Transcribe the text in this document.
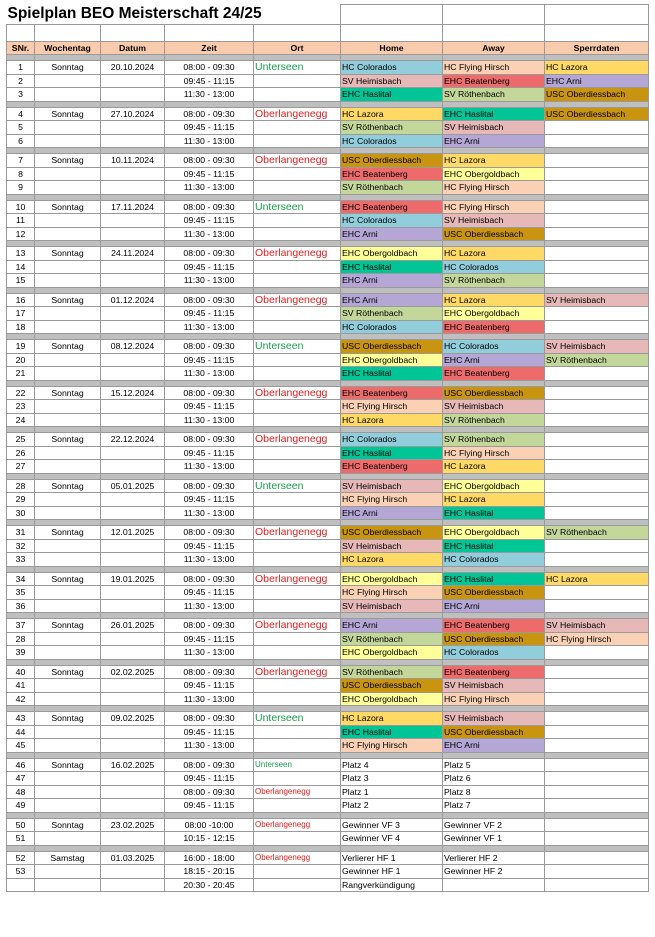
Spielplan BEO Meisterschaft 24/25							

SNr.	Wochentag	Datum	Zeit	Ort	Home	Away	Sperrdaten

1	Sonntag	20.10.2024	08:00 - 09:30	Unterseen	HC Colorados	HC Flying Hirsch	HC Lazora
2			09:45 - 11:15		SV Heimisbach	EHC Beatenberg	EHC Arni
3			11:30 - 13:00		EHC Haslital	SV Röthenbach	USC Oberdiessbach

4	Sonntag	27.10.2024	08:00 - 09:30	Oberlangenegg	HC Lazora	EHC Haslital	USC Oberdiessbach
5			09:45 - 11:15		SV Röthenbach	SV Heimisbach	
6			11:30 - 13:00		HC Colorados	EHC Arni	

7	Sonntag	10.11.2024	08:00 - 09:30	Oberlangenegg	USC Oberdiessbach	HC Lazora	
8			09:45 - 11:15		EHC Beatenberg	EHC Obergoldbach	
9			11:30 - 13:00		SV Röthenbach	HC Flying Hirsch	

10	Sonntag	17.11.2024	08:00 - 09:30	Unterseen	EHC Beatenberg	HC Flying Hirsch	
11			09:45 - 11:15		HC Colorados	SV Heimisbach	
12			11:30 - 13:00		EHC Arni	USC Oberdiessbach	

13	Sonntag	24.11.2024	08:00 - 09:30	Oberlangenegg	EHC Obergoldbach	HC Lazora	
14			09:45 - 11:15		EHC Haslital	HC Colorados	
15			11:30 - 13:00		EHC Arni	SV Röthenbach	

16	Sonntag	01.12.2024	08:00 - 09:30	Oberlangenegg	EHC Arni	HC Lazora	SV Heimisbach
17			09:45 - 11:15		SV Röthenbach	EHC Obergoldbach	
18			11:30 - 13:00		HC Colorados	EHC Beatenberg	

19	Sonntag	08.12.2024	08:00 - 09:30	Unterseen	USC Oberdiessbach	HC Colorados	SV Heimisbach
20			09:45 - 11:15		EHC Obergoldbach	EHC Arni	SV Röthenbach
21			11:30 - 13:00		EHC Haslital	EHC Beatenberg	

22	Sonntag	15.12.2024	08:00 - 09:30	Oberlangenegg	EHC Beatenberg	USC Oberdiessbach	
23			09:45 - 11:15		HC Flying Hirsch	SV Heimisbach	
24			11:30 - 13:00		HC Lazora	SV Röthenbach	

25	Sonntag	22.12.2024	08:00 - 09:30	Oberlangenegg	HC Colorados	SV Röthenbach	
26			09:45 - 11:15		EHC Haslital	HC Flying Hirsch	
27			11:30 - 13:00		EHC Beatenberg	HC Lazora	

28	Sonntag	05.01.2025	08:00 - 09:30	Unterseen	SV Heimisbach	EHC Obergoldbach	
29			09:45 - 11:15		HC Flying Hirsch	HC Lazora	
30			11:30 - 13:00		EHC Arni	EHC Haslital	

31	Sonntag	12.01.2025	08:00 - 09:30	Oberlangenegg	USC Oberdiessbach	EHC Obergoldbach	SV Röthenbach
32			09:45 - 11:15		SV Heimisbach	EHC Haslital	
33			11:30 - 13:00		HC Lazora	HC Colorados	

34	Sonntag	19.01.2025	08:00 - 09:30	Oberlangenegg	EHC Obergoldbach	EHC Haslital	HC Lazora
35			09:45 - 11:15		HC Flying Hirsch	USC Oberdiessbach	
36			11:30 - 13:00		SV Heimisbach	EHC Arni	

37	Sonntag	26.01.2025	08:00 - 09:30	Oberlangenegg	EHC Arni	EHC Beatenberg	SV Heimisbach
28			09:45 - 11:15		SV Röthenbach	USC Oberdiessbach	HC Flying Hirsch
39			11:30 - 13:00		EHC Obergoldbach	HC Colorados	

40	Sonntag	02.02.2025	08:00 - 09:30	Oberlangenegg	SV Röthenbach	EHC Beatenberg	
41			09:45 - 11:15		USC Oberdiessbach	SV Heimisbach	
42			11:30 - 13:00		EHC Obergoldbach	HC Flying Hirsch	

43	Sonntag	09.02.2025	08:00 - 09:30	Unterseen	HC Lazora	SV Heimisbach	
44			09:45 - 11:15		EHC Haslital	USC Oberdiessbach	
45			11:30 - 13:00		HC Flying Hirsch	EHC Arni	

46	Sonntag	16.02.2025	08:00 - 09:30	Unterseen	Platz 4	Platz 5	
47			09:45 - 11:15		Platz 3	Platz 6	
48			08:00 - 09:30	Oberlangenegg	Platz 1	Platz 8	
49			09:45 - 11:15		Platz 2	Platz 7	

50	Sonntag	23.02.2025	08:00 -10:00	Oberlangenegg	Gewinner VF 3	Gewinner VF 2	
51			10:15 - 12:15		Gewinner VF 4	Gewinner VF 1	

52	Samstag	01.03.2025	16:00 - 18:00	Oberlangenegg	Verlierer HF 1	Verlierer HF 2	
53			18:15 - 20:15		Gewinner HF 1	Gewinner HF 2	
			20:30 - 20:45		Rangverkündigung		
